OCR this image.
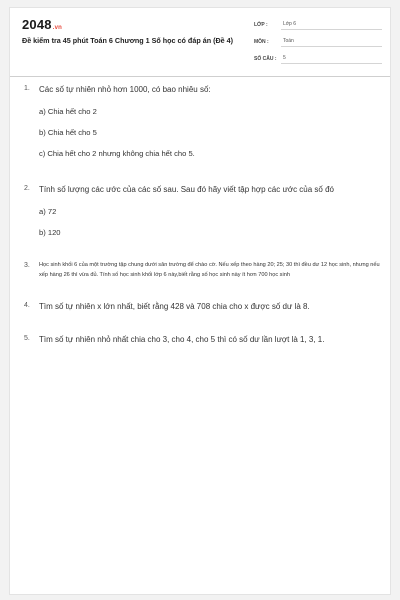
2048.vn
Đề kiểm tra 45 phút Toán 6 Chương 1 Số học có đáp án (Đề 4)
LỚP :	Lớp 6
MÔN :	Toán
SỐ CÂU :	5
1.	Các số tự nhiên nhỏ hơn 1000, có bao nhiêu số:
a) Chia hết cho 2
b) Chia hết cho 5
c) Chia hết cho 2 nhưng không chia hết cho 5.
2.	Tính số lượng các ước của các số sau. Sau đó hãy viết tập hợp các ước của số đó
a) 72
b) 120
3.	Học sinh khối 6 của một trường tập chung dưới sân trường để chào cờ. Nếu xếp theo hàng 20; 25; 30 thì đều dư 12 học sinh, nhưng nếu xếp hàng 26 thì vừa đủ. Tính số học sinh khối lớp 6 này,biết rằng số học sinh này ít hơn 700 học sinh
4.	Tìm số tự nhiên x lớn nhất, biết rằng 428 và 708 chia cho x được số dư là 8.
5.	Tìm số tự nhiên nhỏ nhất chia cho 3, cho 4, cho 5 thì có số dư lần lượt là 1, 3, 1.
